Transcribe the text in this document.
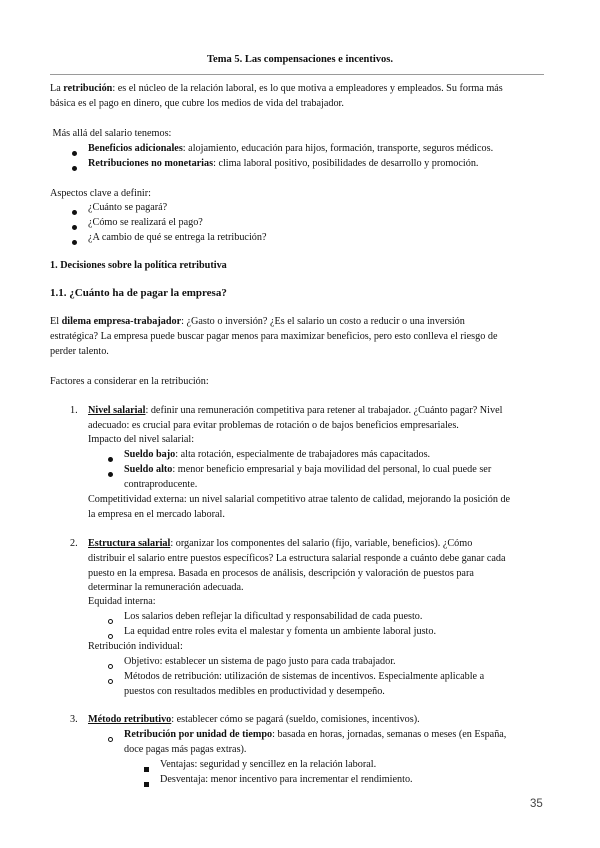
Tema 5. Las compensaciones e incentivos.
La retribución: es el núcleo de la relación laboral, es lo que motiva a empleadores y empleados. Su forma más
básica es el pago en dinero, que cubre los medios de vida del trabajador.
Más allá del salario tenemos:
Beneficios adicionales: alojamiento, educación para hijos, formación, transporte, seguros médicos.
Retribuciones no monetarias: clima laboral positivo, posibilidades de desarrollo y promoción.
Aspectos clave a definir:
¿Cuánto se pagará?
¿Cómo se realizará el pago?
¿A cambio de qué se entrega la retribución?
1. Decisiones sobre la política retributiva
1.1. ¿Cuánto ha de pagar la empresa?
El dilema empresa-trabajador: ¿Gasto o inversión? ¿Es el salario un costo a reducir o una inversión
estratégica? La empresa puede buscar pagar menos para maximizar beneficios, pero esto conlleva el riesgo de
perder talento.
Factores a considerar en la retribución:
1. Nivel salarial: definir una remuneración competitiva para retener al trabajador. ¿Cuánto pagar? Nivel
adecuado: es crucial para evitar problemas de rotación o de bajos beneficios empresariales.
Impacto del nivel salarial:
Sueldo bajo: alta rotación, especialmente de trabajadores más capacitados.
Sueldo alto: menor beneficio empresarial y baja movilidad del personal, lo cual puede ser
contraproducente.
Competitividad externa: un nivel salarial competitivo atrae talento de calidad, mejorando la posición de
la empresa en el mercado laboral.
2. Estructura salarial: organizar los componentes del salario (fijo, variable, beneficios). ¿Cómo
distribuir el salario entre puestos específicos? La estructura salarial responde a cuánto debe ganar cada
puesto en la empresa. Basada en procesos de análisis, descripción y valoración de puestos para
determinar la remuneración adecuada.
Equidad interna:
Los salarios deben reflejar la dificultad y responsabilidad de cada puesto.
La equidad entre roles evita el malestar y fomenta un ambiente laboral justo.
Retribución individual:
Objetivo: establecer un sistema de pago justo para cada trabajador.
Métodos de retribución: utilización de sistemas de incentivos. Especialmente aplicable a
puestos con resultados medibles en productividad y desempeño.
3. Método retributivo: establecer cómo se pagará (sueldo, comisiones, incentivos).
Retribución por unidad de tiempo: basada en horas, jornadas, semanas o meses (en España,
doce pagas más pagas extras).
Ventajas: seguridad y sencillez en la relación laboral.
Desventaja: menor incentivo para incrementar el rendimiento.
35
